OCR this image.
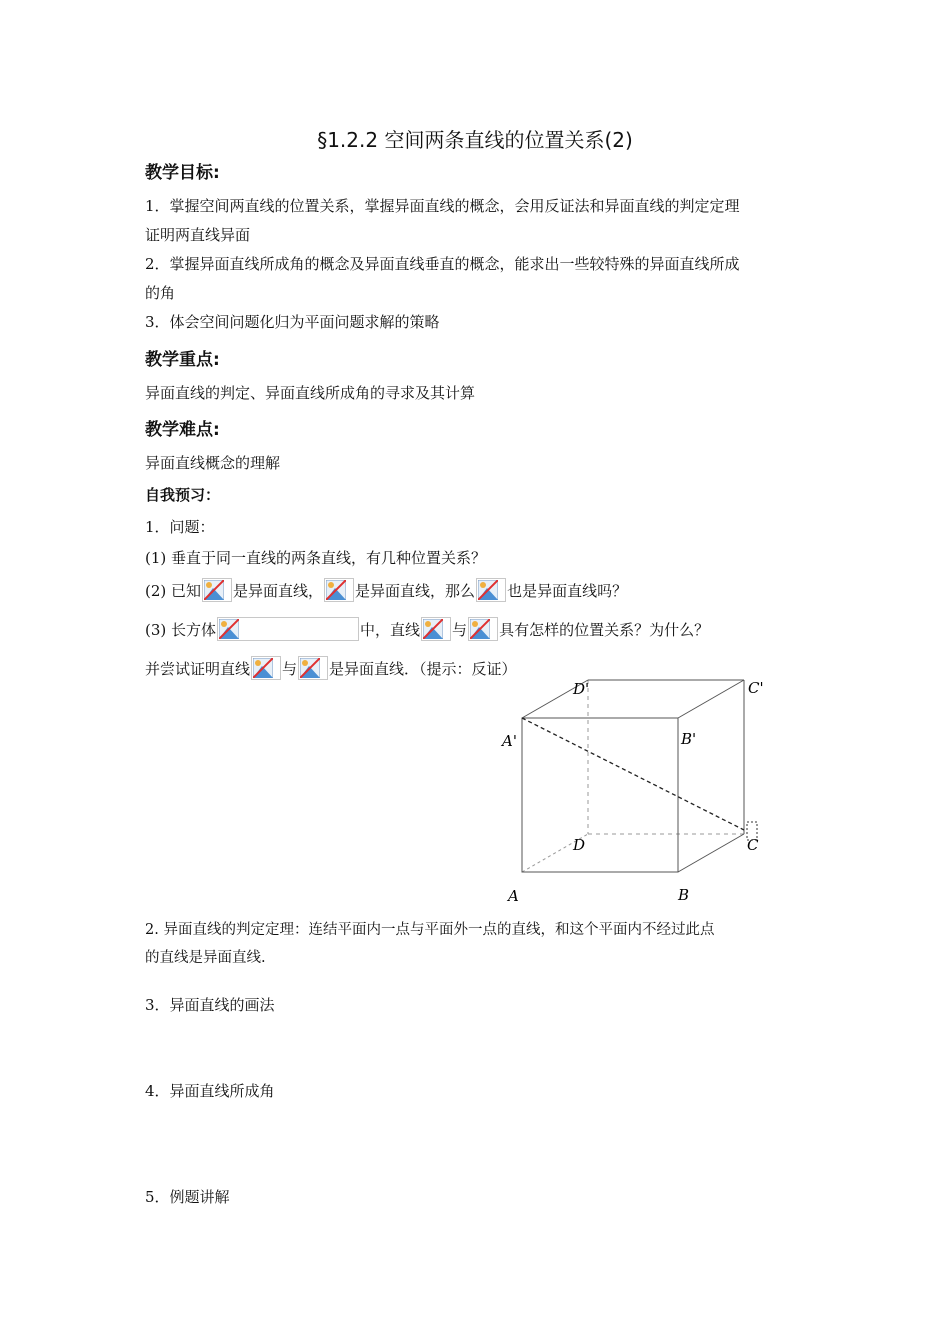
§1.2.2 空间两条直线的位置关系(2)
教学目标:
1．掌握空间两直线的位置关系，掌握异面直线的概念，会用反证法和异面直线的判定定理
证明两直线异面
2．掌握异面直线所成角的概念及异面直线垂直的概念，能求出一些较特殊的异面直线所成
的角
3．体会空间问题化归为平面问题求解的策略
教学重点:
异面直线的判定、异面直线所成角的寻求及其计算
教学难点:
异面直线概念的理解
自我预习：
1．问题：
(1) 垂直于同一直线的两条直线，有几种位置关系？
(2) 已知 是异面直线， 是异面直线，那么 也是异面直线吗？
(3) 长方体	中，直线 与 具有怎样的位置关系？为什么？
并尝试证明直线 与 是异面直线．（提示：反证）
D'	C'
A'	B'
D	C
A	B
2. 异面直线的判定定理：连结平面内一点与平面外一点的直线，和这个平面内不经过此点
的直线是异面直线.
3．异面直线的画法
4．异面直线所成角
5．例题讲解
